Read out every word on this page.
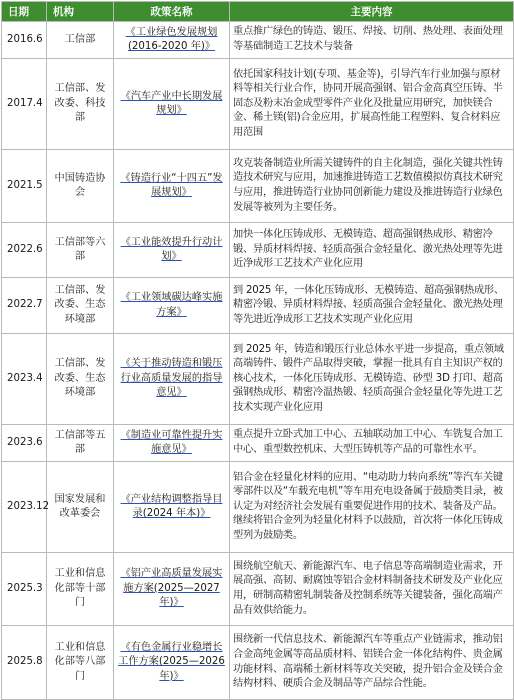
日期	机构	政策名称	主要内容
2016.6	工信部	《工业绿色发展规划(2016-2020 年)》	重点推广绿色的铸造、锻压、焊接、切削、热处理、表面处理等基础制造工艺技术与装备
2017.4	工信部、发改委、科技部	《汽车产业中长期发展规划》	依托国家科技计划(专项、基金等)，引导汽车行业加强与原材料等相关行业合作，协同开展高强钢、铝合金高真空压铸、半固态及粉末冶金成型零件产业化及批量应用研究，加快镁合金、稀土镁(铝)合金应用，扩展高性能工程塑料、复合材料应用范围
2021.5	中国铸造协会	《铸造行业“十四五”发展规划》	攻克装备制造业所需关键铸件的自主化制造，强化关键共性铸造技术研究与应用，加速推进铸造工艺数值模拟仿真技术研究与应用，推进铸造行业协同创新能力建设及推进铸造行业绿色发展等被列为主要任务。
2022.6	工信部等六部	《工业能效提升行动计划》	加快一体化压铸成形、无模铸造、超高强钢热成形、精密冷锻、异质材料焊接、轻质高强合金轻量化、激光热处理等先进近净成形工艺技术产业化应用
2022.7	工信部、发改委、生态环境部	《工业领域碳达峰实施方案》	到 2025 年，一体化压铸成形、无模铸造、超高强钢热成形、精密冷锻、异质材料焊接、轻质高强合金轻量化、激光热处理等先进近净成形工艺技术实现产业化应用
2023.4	工信部、发改委、生态环境部	《关于推动铸造和锻压行业高质量发展的指导意见》	到 2025 年，铸造和锻压行业总体水平进一步提高，重点领域高端铸件、锻件产品取得突破，掌握一批具有自主知识产权的核心技术，一体化压铸成形、无模铸造、砂型 3D 打印、超高强钢热成形、精密冷温热锻、轻质高强合金轻量化等先进工艺技术实现产业化应用
2023.6	工信部等五部	《制造业可靠性提升实施意见》	重点提升立卧式加工中心、五轴联动加工中心、车铣复合加工中心、重型数控机床、大型压铸机等产品的可靠性水平。
2023.12	国家发展和改革委会	《产业结构调整指导目录(2024 年本)》	铝合金在轻量化材料的应用、“电动助力转向系统”等汽车关键零部件以及“车载充电机”等车用充电设备属于鼓励类目录，被认定为对经济社会发展有重要促进作用的技术、装备及产品。继续将铝合金列为轻量化材料予以鼓励，首次将一体化压铸成型列为鼓励类。
2025.3	工业和信息化部等十部门	《铝产业高质量发展实施方案(2025—2027 年)》	围绕航空航天、新能源汽车、电子信息等高端制造业需求，开展高强、高韧、耐腐蚀等铝合金材料制备技术研发及产业化应用，研制高精密轧制装备及控制系统等关键装备，强化高端产品有效供给能力。
2025.8	工业和信息化部等八部门	《有色金属行业稳增长工作方案(2025—2026 年)》	围绕新一代信息技术、新能源汽车等重点产业链需求，推动铝合金高纯金属等高品质材料、铝镁合金一体化结构件、贵金属功能材料、高端稀土新材料等攻关突破，提升铝合金及镁合金结构材料、硬质合金及制品等产品综合性能。
